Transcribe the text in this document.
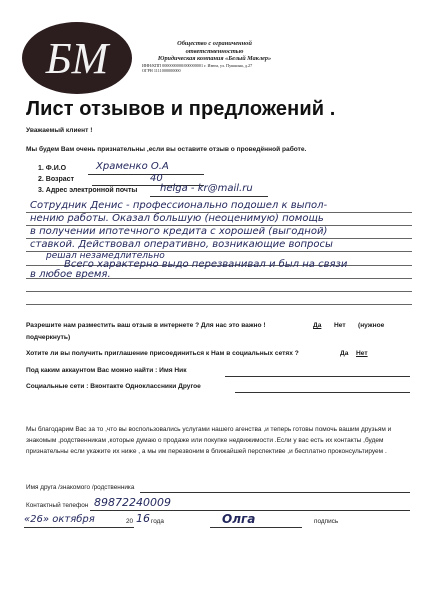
БМ	Общество с ограниченной
ответственностью
Юридическая компания «Белый Маклер»
ИНН/КПП 0000000000/000000001 г. Изюм, ул. Пушкина, д.27
ОГРН 1111000000000
Лист отзывов и предложений .
Уважаемый клиент !
Мы будем Вам очень признательны ,если вы оставите отзыв о проведённой работе.
1. Ф.И.О	Храменко О.А
2. Возраст	40
3. Адрес электронной почты helga - kr@mail.ru
Сотрудник Денис - профессионально подошел к выпол-
нению работы. Оказал большую (неоценимую) помощь
в получении ипотечного кредита с хорошей (выгодной)
ставкой. Действовал оперативно, возникающие вопросы
решал незамедлительно
Всего характерно выдо перезванивал и был на связи
в любое время.
Разрешите нам разместить ваш отзыв в интернете ? Для нас это важно !	Да Нет (нужное
подчеркнуть)
Хотите ли вы получить приглашение присоединиться к Нам в социальных сетях ?	Да Нет
Под каким аккаунтом Вас можно найти : Имя Ник
Социальные сети : Вконтакте Одноклассники Другое
Мы благодарим Вас за то ,что вы воспользовались услугами нашего агенства ,и теперь готовы помочь вашим друзьям и знакомым ,родственникам ,которые думаю о продаже или покупке недвижимости .Если у вас есть их контакты ,будем признательны если укажите их ниже , а мы им перезвоним в ближайшей перспективе ,и бесплатно проконсультируем .
Имя друга /знакомого /родственника
Контактный телефон 89872240009
«26» октября	20 16 года	Олга	подпись
